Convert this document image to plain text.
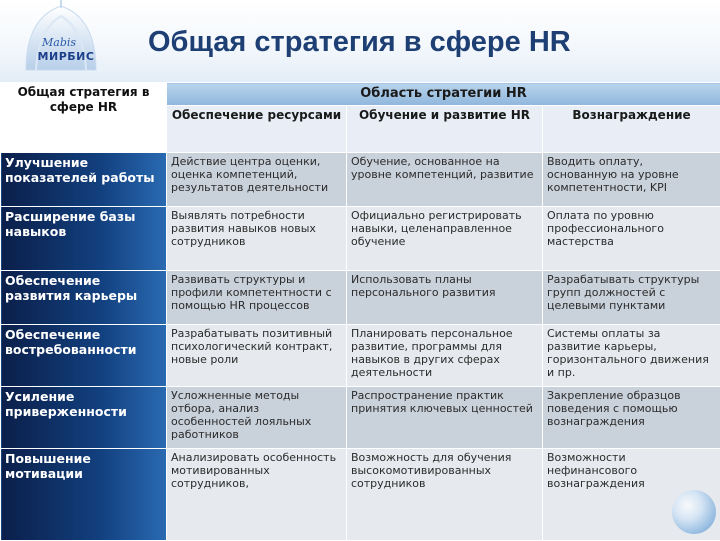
Mabis
МИРБИС	Общая стратегия в сфере HR
Общая стратегия в сфере HR	Область стратегии HR		
	Обеспечение ресурсами	Обучение и развитие HR	Вознаграждение
Улучшение показателей работы	Действие центра оценки, оценка компетенций, результатов деятельности	Обучение, основанное на уровне компетенций, развитие	Вводить оплату, основанную на уровне компетентности, KPI
Расширение базы навыков	Выявлять потребности развития навыков новых сотрудников	Официально регистрировать навыки, целенаправленное обучение	Оплата по уровню профессионального мастерства
Обеспечение развития карьеры	Развивать структуры и профили компетентности с помощью HR процессов	Использовать планы персонального развития	Разрабатывать структуры групп должностей с целевыми пунктами
Обеспечение востребованности	Разрабатывать позитивный психологический контракт, новые роли	Планировать персональное развитие, программы для навыков в других сферах деятельности	Системы оплаты за развитие карьеры, горизонтального движения и пр.
Усиление приверженности	Усложненные методы отбора, анализ особенностей лояльных работников	Распространение практик принятия ключевых ценностей	Закрепление образцов поведения с помощью вознаграждения
Повышение мотивации	Анализировать особенность мотивированных сотрудников,	Возможность для обучения высокомотивированных сотрудников	Возможности нефинансового вознаграждения
